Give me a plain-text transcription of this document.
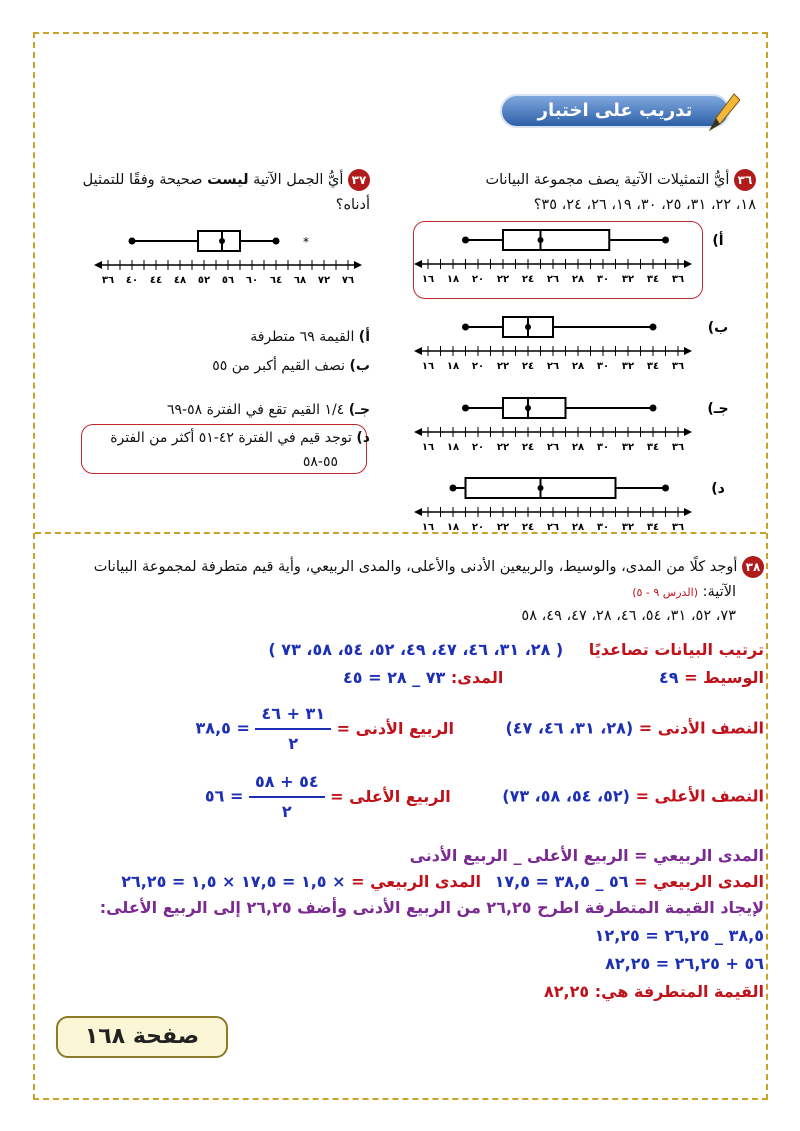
تدريب على اختبار
٣٦ أيُّ التمثيلات الآتية يصف مجموعة البيانات
١٨، ٢٢، ٣١، ٢٥، ٣٠، ١٩، ٢٦، ٢٤، ٣٥؟
١٦ ١٨ ٢٠ ٢٢ ٢٤ ٢٦ ٢٨ ٣٠ ٣٢ ٣٤ ٣٦
أ)
١٦ ١٨ ٢٠ ٢٢ ٢٤ ٢٦ ٢٨ ٣٠ ٣٢ ٣٤ ٣٦
ب)
١٦ ١٨ ٢٠ ٢٢ ٢٤ ٢٦ ٢٨ ٣٠ ٣٢ ٣٤ ٣٦
جـ)
١٦ ١٨ ٢٠ ٢٢ ٢٤ ٢٦ ٢٨ ٣٠ ٣٢ ٣٤ ٣٦
د)
٣٧ أيُّ الجمل الآتية ليست صحيحة وفقًا للتمثيل
أدناه؟
٣٦ ٤٠ ٤٤ ٤٨ ٥٢ ٥٦ ٦٠ ٦٤ ٦٨ ٧٢ ٧٦
*
أ) القيمة ٦٩ متطرفة
ب) نصف القيم أكبر من ٥٥
جـ) ١/٤ القيم تقع في الفترة ٥٨-٦٩
د) توجد قيم في الفترة ٤٢-٥١ أكثر من الفترة
٥٥-٥٨
٣٨ أوجد كلًا من المدى، والوسيط، والربيعين الأدنى والأعلى، والمدى الربيعي، وأية قيم متطرفة لمجموعة البيانات
الآتية: (الدرس ٩ - ٥)
٧٣، ٥٢، ٣١، ٥٤، ٤٦، ٢٨، ٤٧، ٤٩، ٥٨
ترتيب البيانات تصاعديًا ( ٢٨، ٣١، ٤٦، ٤٧، ٤٩، ٥٢، ٥٤، ٥٨، ٧٣ )
الوسيط = ٤٩ المدى: ٧٣ _ ٢٨ = ٤٥
النصف الأدنى = (٢٨، ٣١، ٤٦، ٤٧) الربيع الأدنى =
$\frac{٣١ + ٤٦}{٢}$
= ٣٨,٥
النصف الأعلى = (٥٢، ٥٤، ٥٨، ٧٣) الربيع الأعلى =
$\frac{٥٤ + ٥٨}{٢}$
= ٥٦
المدى الربيعي = الربيع الأعلى _ الربيع الأدنى
المدى الربيعي = ٥٦ _ ٣٨,٥ = ١٧,٥ المدى الربيعي = × ١,٥ = ١٧,٥ × ١,٥ = ٢٦,٢٥
لإيجاد القيمة المتطرفة اطرح ٢٦,٢٥ من الربيع الأدنى وأضف ٢٦,٢٥ إلى الربيع الأعلى:
٣٨,٥ _ ٢٦,٢٥ = ١٢,٢٥
٥٦ + ٢٦,٢٥ = ٨٢,٢٥
القيمة المتطرفة هي: ٨٢,٢٥
صفحة ١٦٨
